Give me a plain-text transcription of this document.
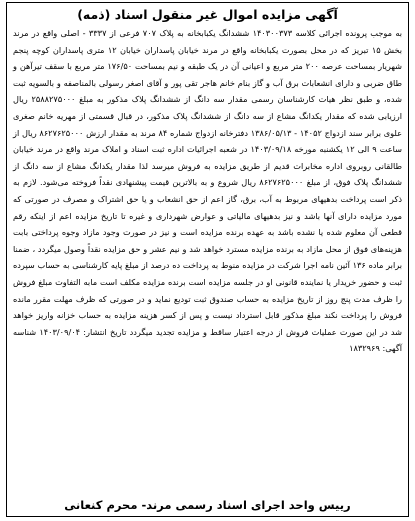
آگهی مزایده اموال غیر منقول اسناد (ذمه)

به موجب پرونده اجرائی کلاسه ۱۴۰۳۰۰۳۷۳ ششدانگ یکبابخانه به پلاک ۷۰۷ فرعی از ۳۳۳۷ - اصلی واقع در مرند بخش ۱۵ تبریز که در محل بصورت یکبابخانه واقع در مرند خیابان پاسداران خیابان ۱۲ متری پاسداران کوچه پنجم شهریار بمساحت عرصه ۲۰۰ متر مربع و اعیانی آن در یک طبقه و نیم بمساحت ۱۷۶/۵۰ متر مربع با سقف تیرآهن و طاق ضربی و دارای انشعابات برق آب و گاز بنام خانم هاجر تقی پور و آقای اصغر رسولی بالمناصفه و بالسویه ثبت شده، و طبق نظر هیات کارشناسان رسمی مقدار سه دانگ از ششدانگ پلاک مذکور به مبلغ ۲۵۸۸۲۷۵۰۰۰ ریال ارزیابی شده که مقدار یکدانگ مشاع از سه دانگ از ششدانگ پلاک مذکور، در قبال قسمتی از مهریه خانم صغری علوی برابر سند ازدواج ۱۴۰۵۲ - ۱۳۸۶/۰۵/۱۳ دفترخانه ازدواج شماره ۸۴ مرند به مقدار ارزش ۸۶۲۷۶۲۵۰۰۰ ریال از ساعت ۹ الی ۱۲ یکشنبه مورخه ۱۴۰۳/۰۹/۱۸ در شعبه اجرائیات اداره ثبت اسناد و املاک مرند واقع در مرند خیابان طالقانی روبروی اداره مخابرات قدیم از طریق مزایده به فروش میرسد لذا مقدار یکدانگ مشاع از سه دانگ از ششدانگ پلاک فوق، از مبلغ ۸۶۲۷۶۲۵۰۰۰ ریال شروع و به بالاترین قیمت پیشنهادی نقداً فروخته می‌شود. لازم به ذکر است پرداخت بدهیهای مربوط به آب، برق، گاز اعم از حق انشعاب و یا حق اشتراک و مصرف در صورتی که مورد مزایده دارای آنها باشد و نیز بدهیهای مالیاتی و عوارض شهرداری و غیره تا تاریخ مزایده اعم از اینکه رقم قطعی آن معلوم شده یا نشده باشد به عهده برنده مزایده است و نیز در صورت وجود مازاد وجوه پرداختی بابت هزینه‌های فوق از محل مازاد به برنده مزایده مسترد خواهد شد و نیم عشر و حق مزایده نقداً وصول میگردد ، ضمنا برابر ماده ۱۳۶ آئین نامه اجرا شرکت در مزایده منوط به پرداخت ده درصد از مبلغ پایه کارشناسی به حساب سپرده ثبت و حضور خریدار یا نماینده قانونی او در جلسه مزایده است برنده مزایده مکلف است مابه التفاوت مبلغ فروش را ظرف مدت پنج روز از تاریخ مزایده به حساب صندوق ثبت تودیع نماید و در صورتی که ظرف مهلت مقرر مانده فروش را پرداخت نکند مبلغ مذکور قابل استرداد نیست و پس از کسر هزینه مزایده به حساب خزانه واریز خواهد شد در این صورت عملیات فروش از درجه اعتبار ساقط و مزایده تجدید میگردد تاریخ انتشار: ۱۴۰۳/۰۹/۰۴ شناسه آگهی: ۱۸۳۲۹۶۹

رییس واحد اجرای اسناد رسمی مرند- محرم کنعانی
